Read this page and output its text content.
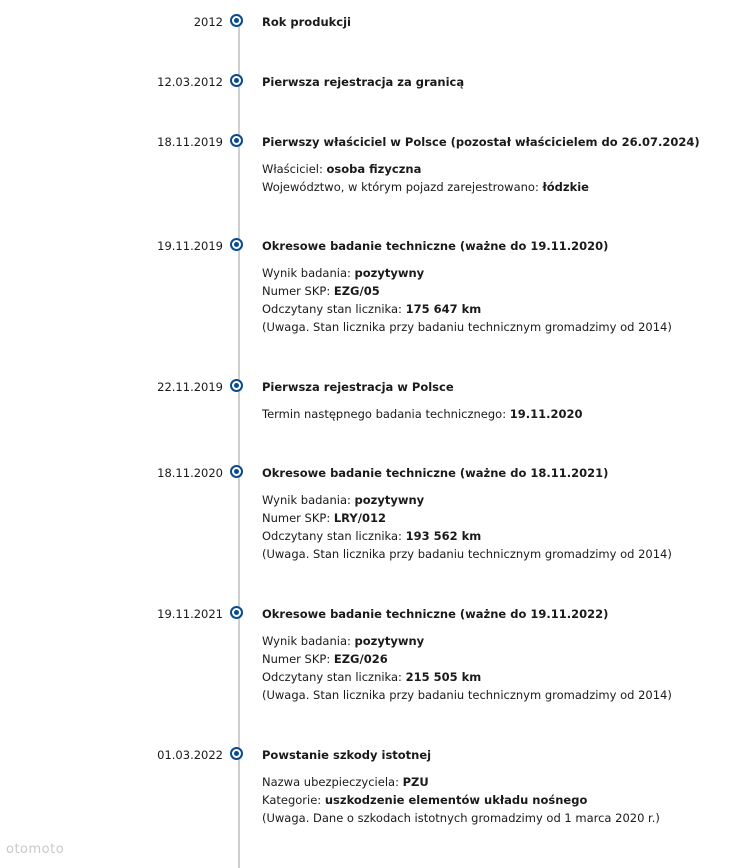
2012	Rok produkcji
12.03.2012	Pierwsza rejestracja za granicą
18.11.2019	Pierwszy właściciel w Polsce (pozostał właścicielem do 26.07.2024)
Właściciel: osoba fizyczna
Województwo, w którym pojazd zarejestrowano: łódzkie
19.11.2019	Okresowe badanie techniczne (ważne do 19.11.2020)
Wynik badania: pozytywny
Numer SKP: EZG/05
Odczytany stan licznika: 175 647 km
(Uwaga. Stan licznika przy badaniu technicznym gromadzimy od 2014)
22.11.2019	Pierwsza rejestracja w Polsce
Termin następnego badania technicznego: 19.11.2020
18.11.2020	Okresowe badanie techniczne (ważne do 18.11.2021)
Wynik badania: pozytywny
Numer SKP: LRY/012
Odczytany stan licznika: 193 562 km
(Uwaga. Stan licznika przy badaniu technicznym gromadzimy od 2014)
19.11.2021	Okresowe badanie techniczne (ważne do 19.11.2022)
Wynik badania: pozytywny
Numer SKP: EZG/026
Odczytany stan licznika: 215 505 km
(Uwaga. Stan licznika przy badaniu technicznym gromadzimy od 2014)
01.03.2022	Powstanie szkody istotnej
Nazwa ubezpieczyciela: PZU
Kategorie: uszkodzenie elementów układu nośnego
(Uwaga. Dane o szkodach istotnych gromadzimy od 1 marca 2020 r.)
otomoto
